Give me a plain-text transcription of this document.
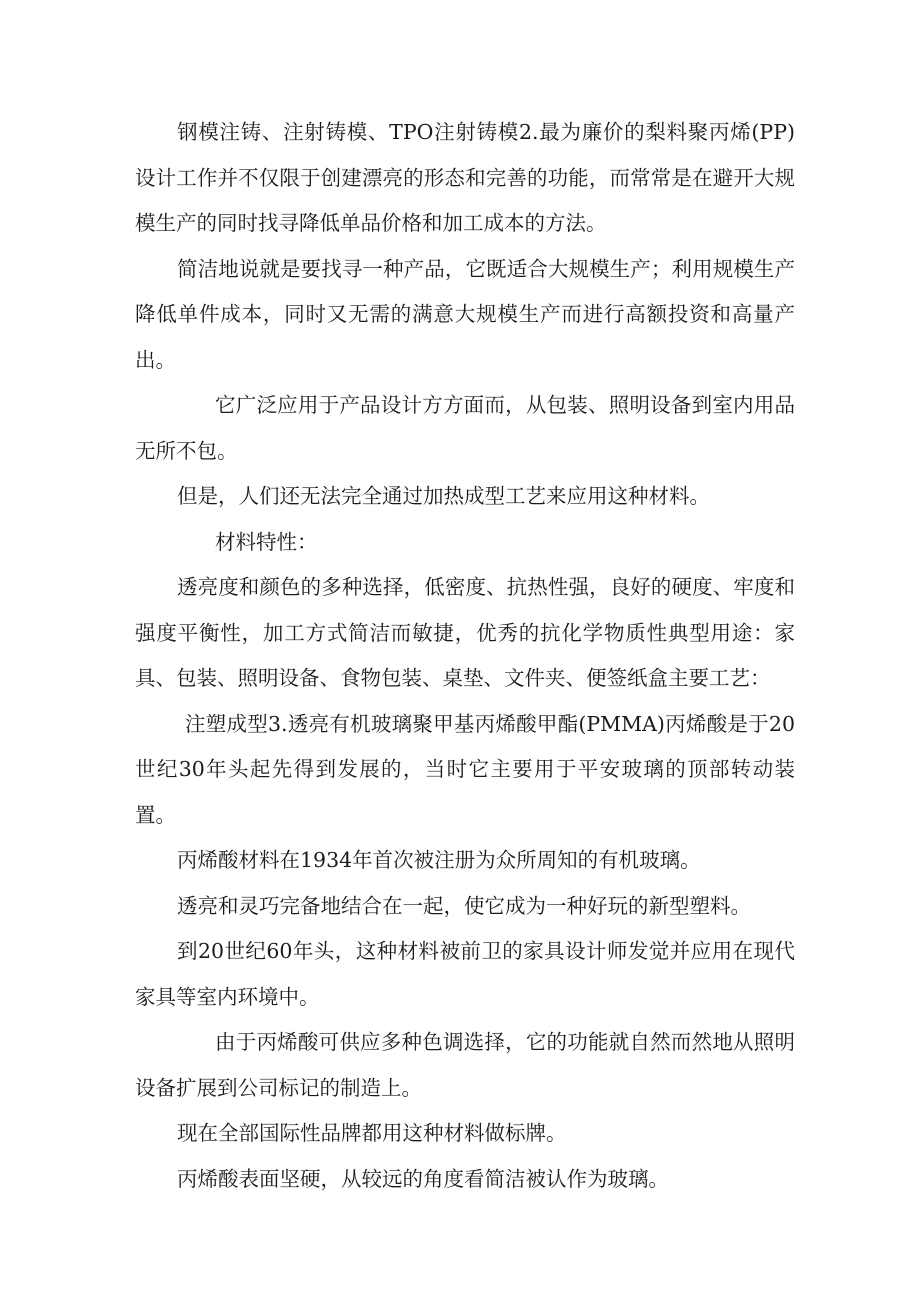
钢模注铸、注射铸模、TPO注射铸模2.最为廉价的梨料聚丙烯(PP)设计工作并不仅限于创建漂亮的形态和完善的功能，而常常是在避开大规模生产的同时找寻降低单品价格和加工成本的方法。

简洁地说就是要找寻一种产品，它既适合大规模生产；利用规模生产降低单件成本，同时又无需的满意大规模生产而进行高额投资和高量产出。

它广泛应用于产品设计方方面而，从包装、照明设备到室内用品无所不包。

但是，人们还无法完全通过加热成型工艺来应用这种材料。

材料特性：

透亮度和颜色的多种选择，低密度、抗热性强，良好的硬度、牢度和强度平衡性，加工方式简洁而敏捷，优秀的抗化学物质性典型用途：家具、包装、照明设备、食物包装、桌垫、文件夹、便签纸盒主要工艺：

注塑成型3.透亮有机玻璃聚甲基丙烯酸甲酯(PMMA)丙烯酸是于20世纪30年头起先得到发展的，当时它主要用于平安玻璃的顶部转动装置。

丙烯酸材料在1934年首次被注册为众所周知的有机玻璃。

透亮和灵巧完备地结合在一起，使它成为一种好玩的新型塑料。

到20世纪60年头，这种材料被前卫的家具设计师发觉并应用在现代家具等室内环境中。

由于丙烯酸可供应多种色调选择，它的功能就自然而然地从照明设备扩展到公司标记的制造上。

现在全部国际性品牌都用这种材料做标牌。

丙烯酸表面坚硬，从较远的角度看简洁被认作为玻璃。
